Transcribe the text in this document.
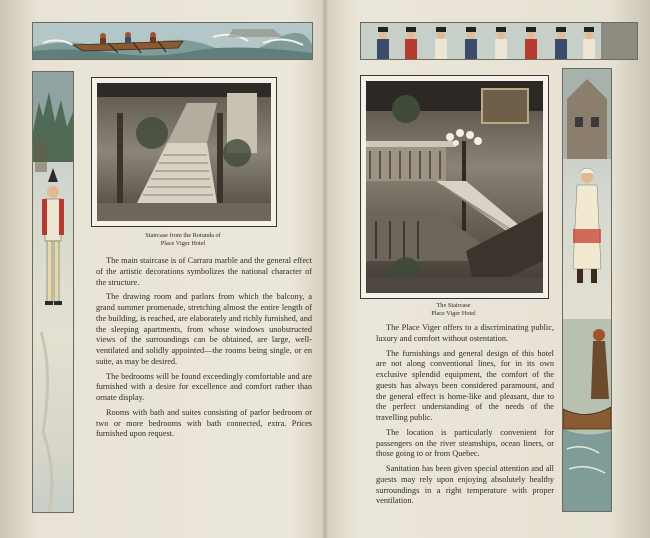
Staircase from the Rotunda of
Place Viger Hotel

The main staircase is of Carrara marble and the general effect of the artistic decorations symbolizes the national character of the structure.

The drawing room and parlors from which the balcony, a grand summer promenade, stretching almost the entire length of the building, is reached, are elaborately and richly furnished, and the sleeping apartments, from whose windows unobstructed views of the surroundings can be obtained, are large, well-ventilated and solidly appointed—the rooms being single, or en suite, as may be desired.

The bedrooms will be found exceedingly comfortable and are furnished with a desire for excellence and comfort rather than ornate display.

Rooms with bath and suites consisting of parlor bedroom or two or more bedrooms with bath connected, extra. Prices furnished upon request.

The Staircase
Place Viger Hotel

The Place Viger offers to a discriminating public, luxury and comfort without ostentation.

The furnishings and general design of this hotel are not along conventional lines, for in its own exclusive splendid equipment, the comfort of the guests has always been considered paramount, and the general effect is home-like and pleasant, due to the perfect understanding of the needs of the travelling public.

The location is particularly convenient for passengers on the river steamships, ocean liners, or those going to or from Quebec.

Sanitation has been given special attention and all guests may rely upon enjoying absolutely healthy surroundings in a right temperature with proper ventilation.
